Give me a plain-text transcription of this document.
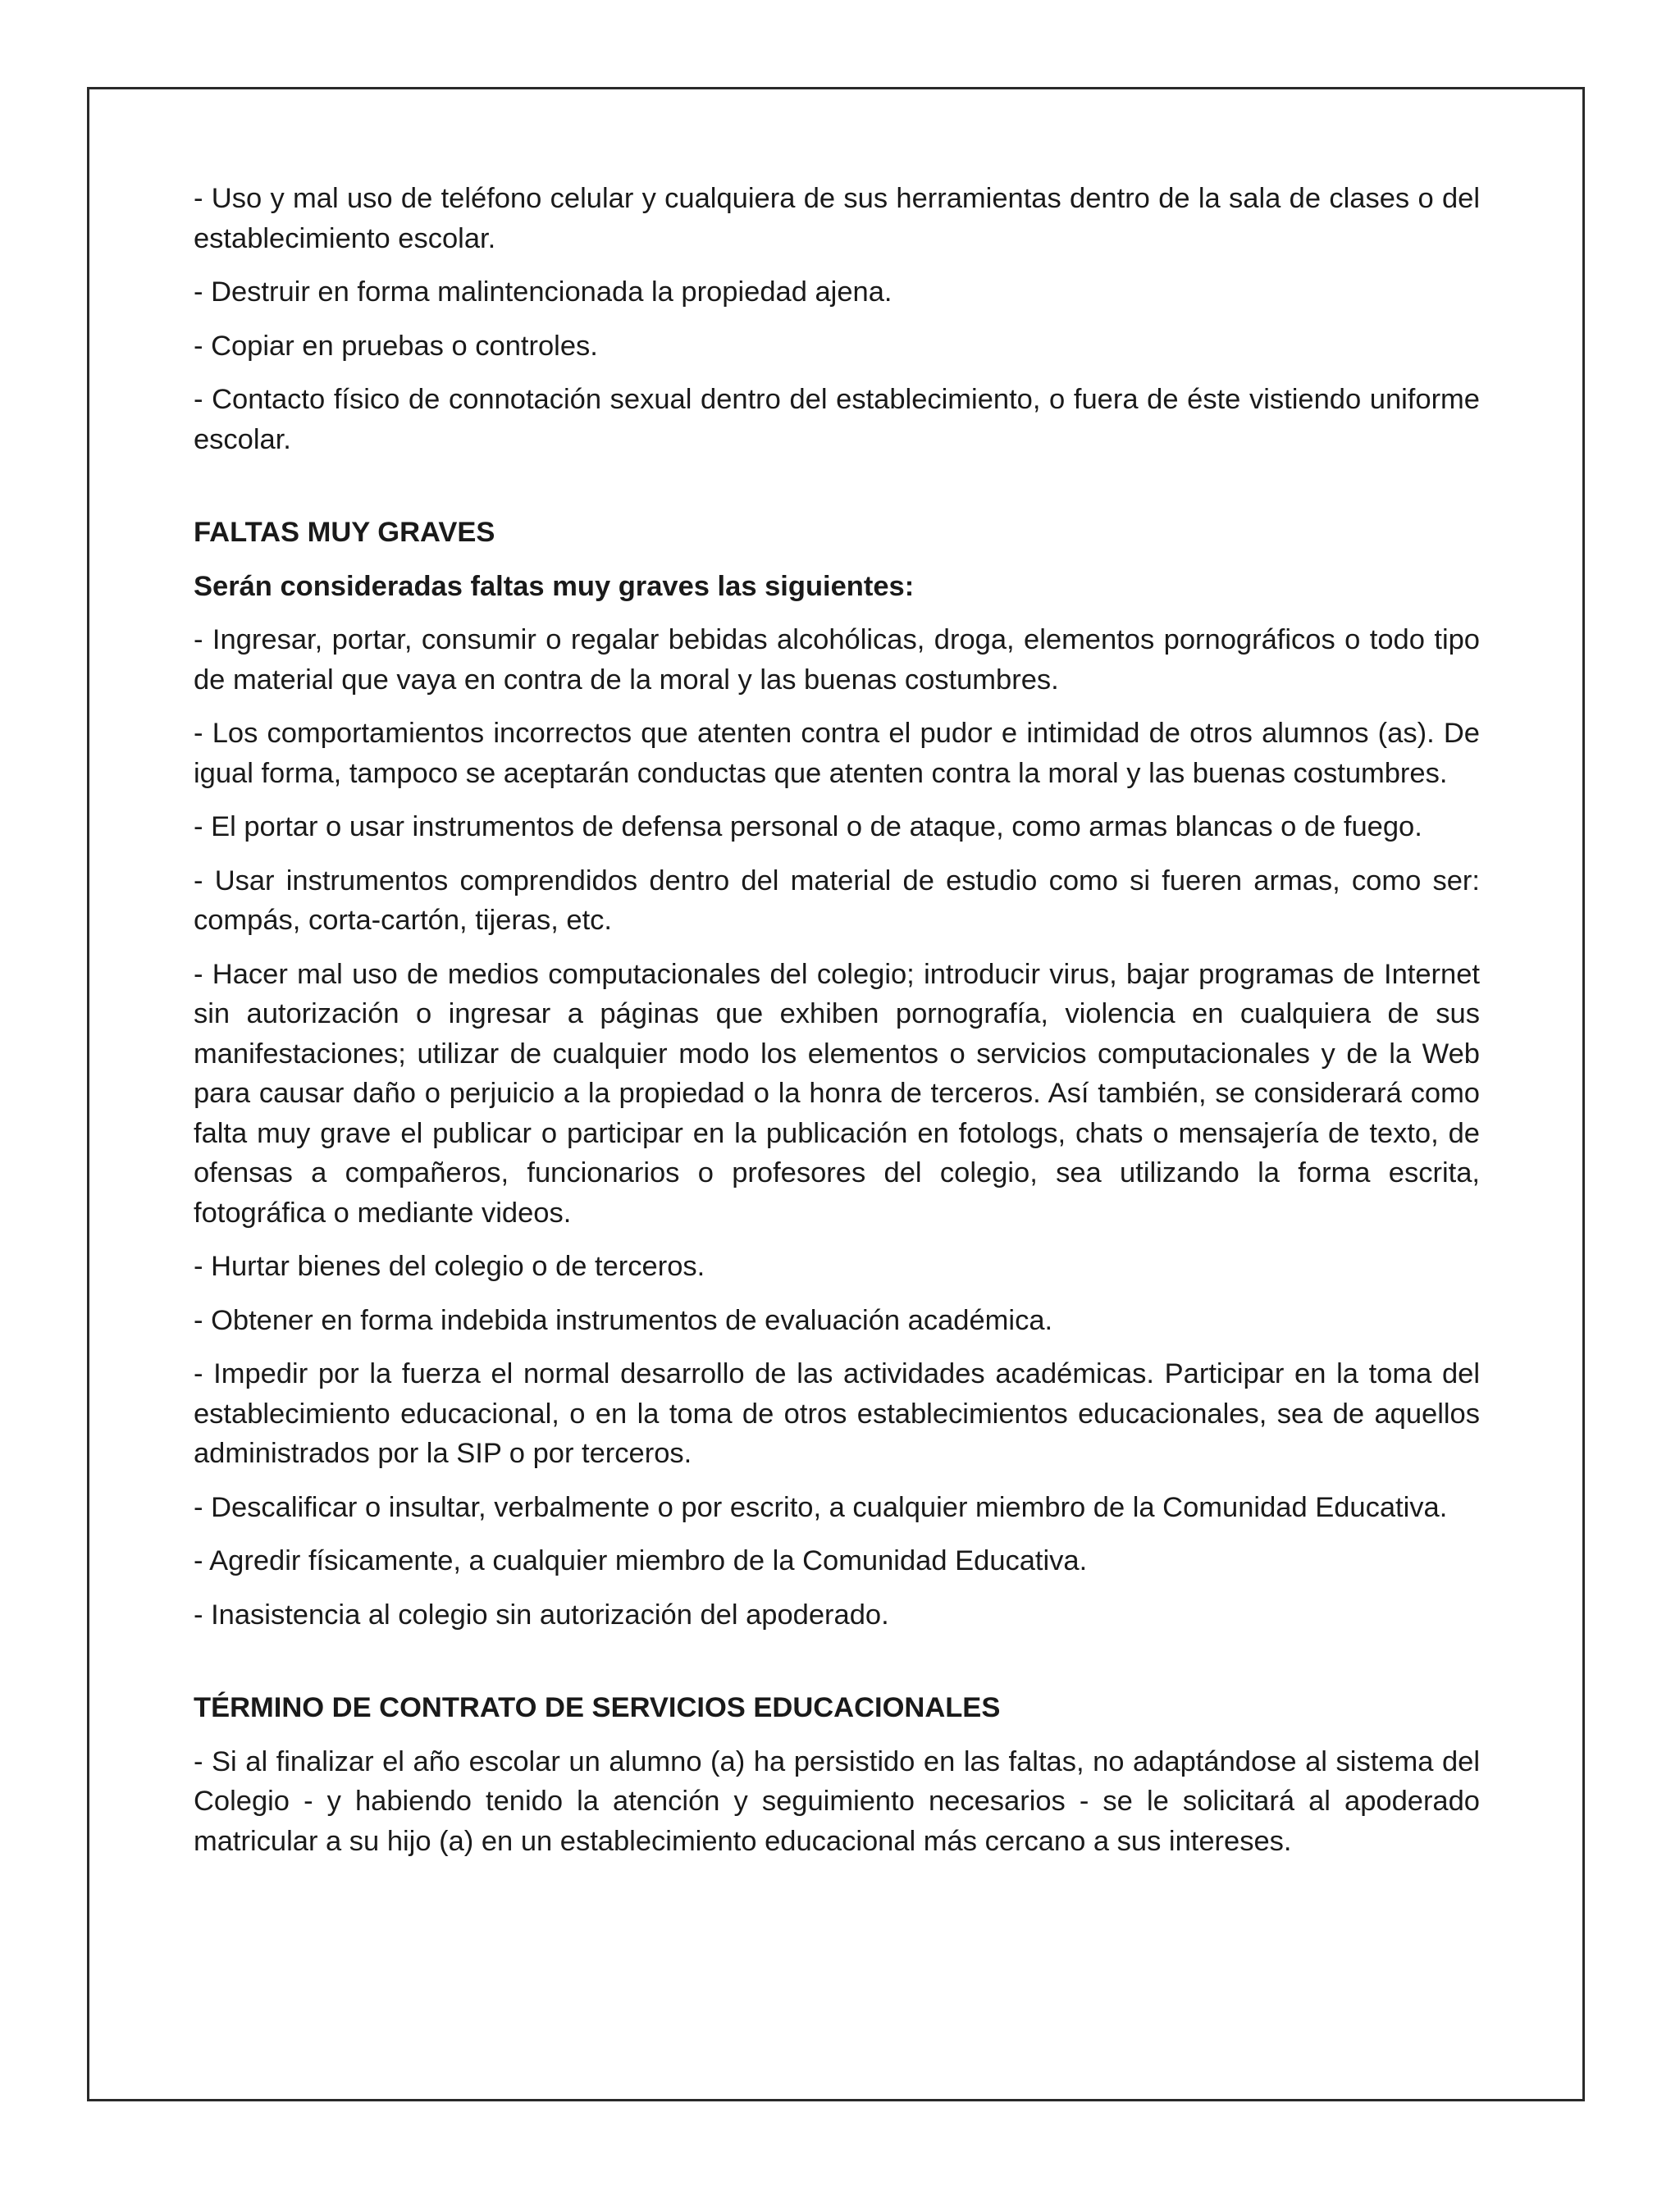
- Uso y mal uso de teléfono celular y cualquiera de sus herramientas dentro de la sala de clases o del establecimiento escolar.

- Destruir en forma malintencionada la propiedad ajena.

- Copiar en pruebas o controles.

- Contacto físico de connotación sexual dentro del establecimiento, o fuera de éste vistiendo uniforme escolar.

FALTAS MUY GRAVES

Serán consideradas faltas muy graves las siguientes:

- Ingresar, portar, consumir o regalar bebidas alcohólicas, droga, elementos pornográficos o todo tipo de material que vaya en contra de la moral y las buenas costumbres.

- Los comportamientos incorrectos que atenten contra el pudor e intimidad de otros alumnos (as). De igual forma, tampoco se aceptarán conductas que atenten contra la moral y las buenas costumbres.

- El portar o usar instrumentos de defensa personal o de ataque, como armas blancas o de fuego.

- Usar instrumentos comprendidos dentro del material de estudio como si fueren armas, como ser: compás, corta-cartón, tijeras, etc.

- Hacer mal uso de medios computacionales del colegio; introducir virus, bajar programas de Internet sin autorización o ingresar a páginas que exhiben pornografía, violencia en cualquiera de sus manifestaciones; utilizar de cualquier modo los elementos o servicios computacionales y de la Web para causar daño o perjuicio a la propiedad o la honra de terceros. Así también, se considerará como falta muy grave el publicar o participar en la publicación en fotologs, chats o mensajería de texto, de ofensas a compañeros, funcionarios o profesores del colegio, sea utilizando la forma escrita, fotográfica o mediante videos.

- Hurtar bienes del colegio o de terceros.

- Obtener en forma indebida instrumentos de evaluación académica.

- Impedir por la fuerza el normal desarrollo de las actividades académicas. Participar en la toma del establecimiento educacional, o en la toma de otros establecimientos educacionales, sea de aquellos administrados por la SIP o por terceros.

- Descalificar o insultar, verbalmente o por escrito, a cualquier miembro de la Comunidad Educativa.

- Agredir físicamente, a cualquier miembro de la Comunidad Educativa.

- Inasistencia al colegio sin autorización del apoderado.

TÉRMINO DE CONTRATO DE SERVICIOS EDUCACIONALES

- Si al finalizar el año escolar un alumno (a) ha persistido en las faltas, no adaptándose al sistema del Colegio - y habiendo tenido la atención y seguimiento necesarios - se le solicitará al apoderado matricular a su hijo (a) en un establecimiento educacional más cercano a sus intereses.
